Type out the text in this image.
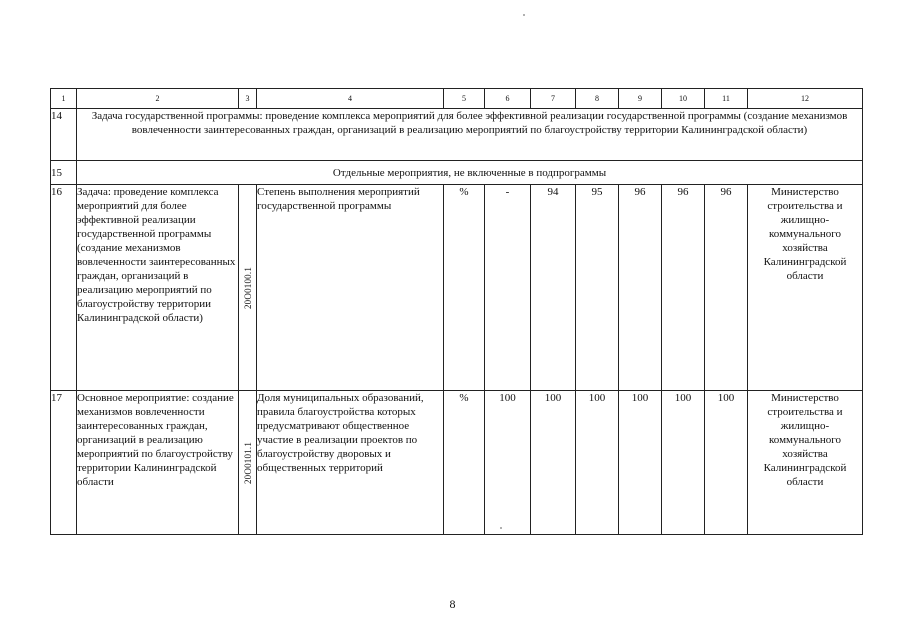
1	2	3	4	5	6	7	8	9	10	11	12
14	Задача государственной программы: проведение комплекса мероприятий для более эффективной реализации государственной программы (создание механизмов вовлеченности заинтересованных граждан, организаций в реализацию мероприятий по благоустройству территории Калининградской области)										
15	Отдельные мероприятия, не включенные в подпрограммы										
16	Задача: проведение комплекса мероприятий для более эффективной реализации государственной программы (создание механизмов вовлеченности заинтересованных граждан, организаций в реализацию мероприятий по благоустройству территории Калининградской области)	20О0100.1	Степень выполнения мероприятий государственной программы	%	-	94	95	96	96	96	Министерство строительства и жилищно-коммунального хозяйства Калининградской области
17	Основное мероприятие: создание механизмов вовлеченности заинтересованных граждан, организаций в реализацию мероприятий по благоустройству территории Калининградской области	20О0101.1	Доля муниципальных образований, правила благоустройства которых предусматривают общественное участие в реализации проектов по благоустройству дворовых и общественных территорий	%	100	100	100	100	100	100	Министерство строительства и жилищно-коммунального хозяйства Калининградской области
8
